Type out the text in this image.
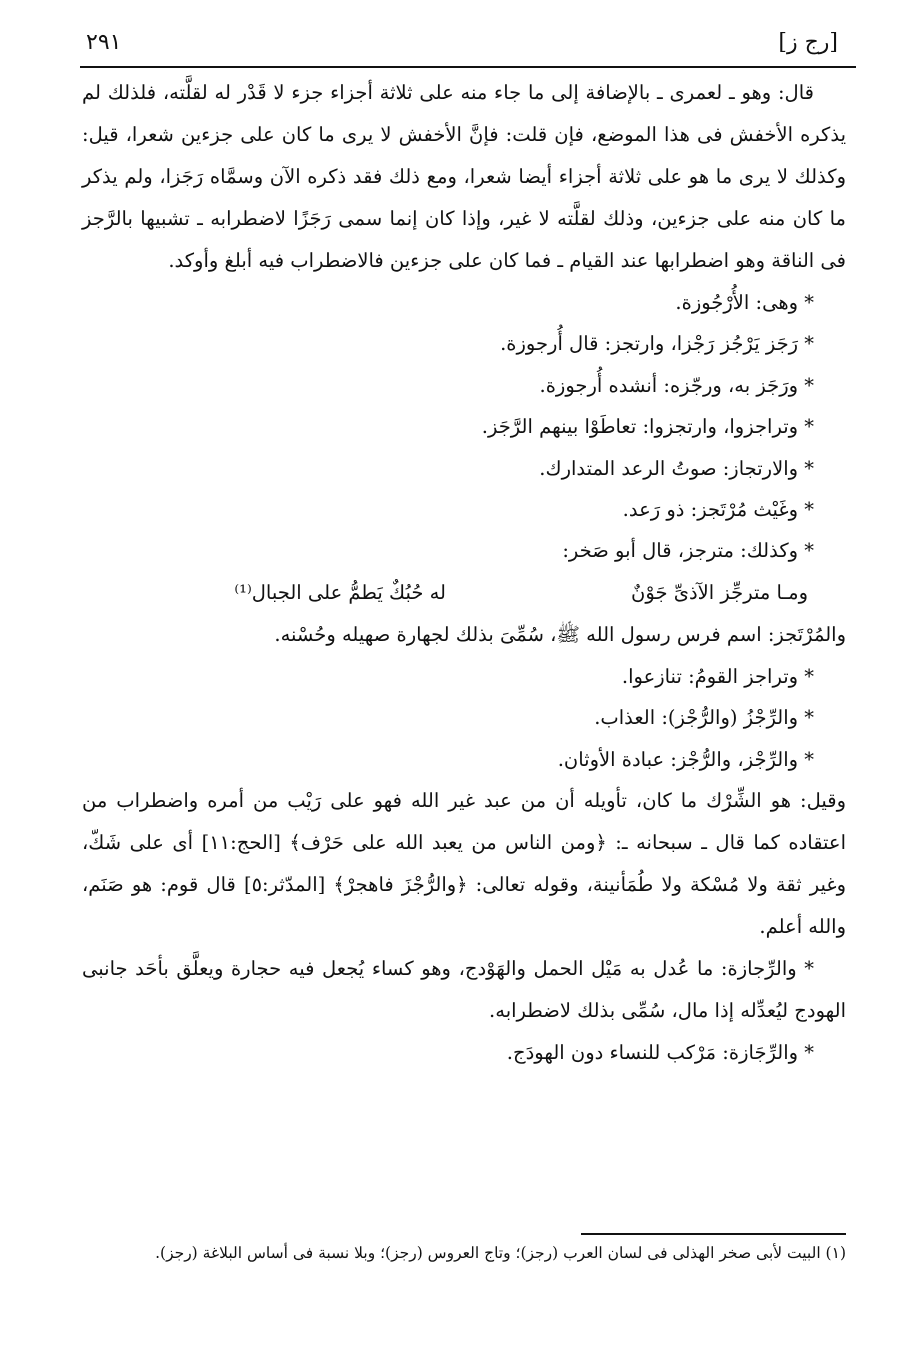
[رج ز]
٢٩١

قال: وهو ـ لعمرى ـ بالإضافة إلى ما جاء منه على ثلاثة أجزاء جزء لا قَدْر له لقلَّته، فلذلك لم يذكره الأخفش فى هذا الموضع، فإن قلت: فإنَّ الأخفش لا يرى ما كان على جزءين شعرا، قيل: وكذلك لا يرى ما هو على ثلاثة أجزاء أيضا شعرا، ومع ذلك فقد ذكره الآن وسمَّاه رَجَزا، ولم يذكر ما كان منه على جزءين، وذلك لقلَّته لا غير، وإذا كان إنما سمى رَجَزًا لاضطرابه ـ تشبيها بالرَّجز فى الناقة وهو اضطرابها عند القيام ـ فما كان على جزءين فالاضطراب فيه أبلغ وأوكد.

* وهى: الأُرْجُوزة.

* رَجَز يَرْجُز رَجْزا، وارتجز: قال أُرجوزة.

* ورَجَز به، ورجّزه: أنشده أُرجوزة.

* وتراجزوا، وارتجزوا: تعاطَوْا بينهم الرَّجَز.

* والارتجاز: صوتُ الرعد المتدارك.

* وغَيْث مُرْتَجز: ذو رَعد.

* وكذلك: مترجز، قال أبو صَخر:

ومـا مترجِّز الآذىِّ جَوْنٌ
له حُبُكٌ يَطمُّ على الجبال⁽¹⁾

والمُرْتَجز: اسم فرس رسول الله ﷺ، سُمِّىَ بذلك لجهارة صهيله وحُسْنه.

* وتراجز القومُ: تنازعوا.

* والرِّجْزُ (والرُّجْز): العذاب.

* والرِّجْز، والرُّجْز: عبادة الأوثان.

وقيل: هو الشِّرْك ما كان، تأويله أن من عبد غير الله فهو على رَيْب من أمره واضطراب من اعتقاده كما قال ـ سبحانه ـ: ﴿ومن الناس من يعبد الله على حَرْف﴾ [الحج:١١] أى على شَكّ، وغير ثقة ولا مُسْكة ولا طُمَأنينة، وقوله تعالى: ﴿والرُّجْزَ فاهجرْ﴾ [المدّثر:٥] قال قوم: هو صَنَم، والله أعلم.

* والرِّجازة: ما عُدل به مَيْل الحمل والهَوْدج، وهو كساء يُجعل فيه حجارة ويعلَّق بأحَد جانبى الهودج ليُعدِّله إذا مال، سُمِّى بذلك لاضطرابه.

* والرِّجَازة: مَرْكب للنساء دون الهودَج.

(١) البيت لأبى صخر الهذلى فى لسان العرب (رجز)؛ وتاج العروس (رجز)؛ وبلا نسبة فى أساس البلاغة (رجز).
